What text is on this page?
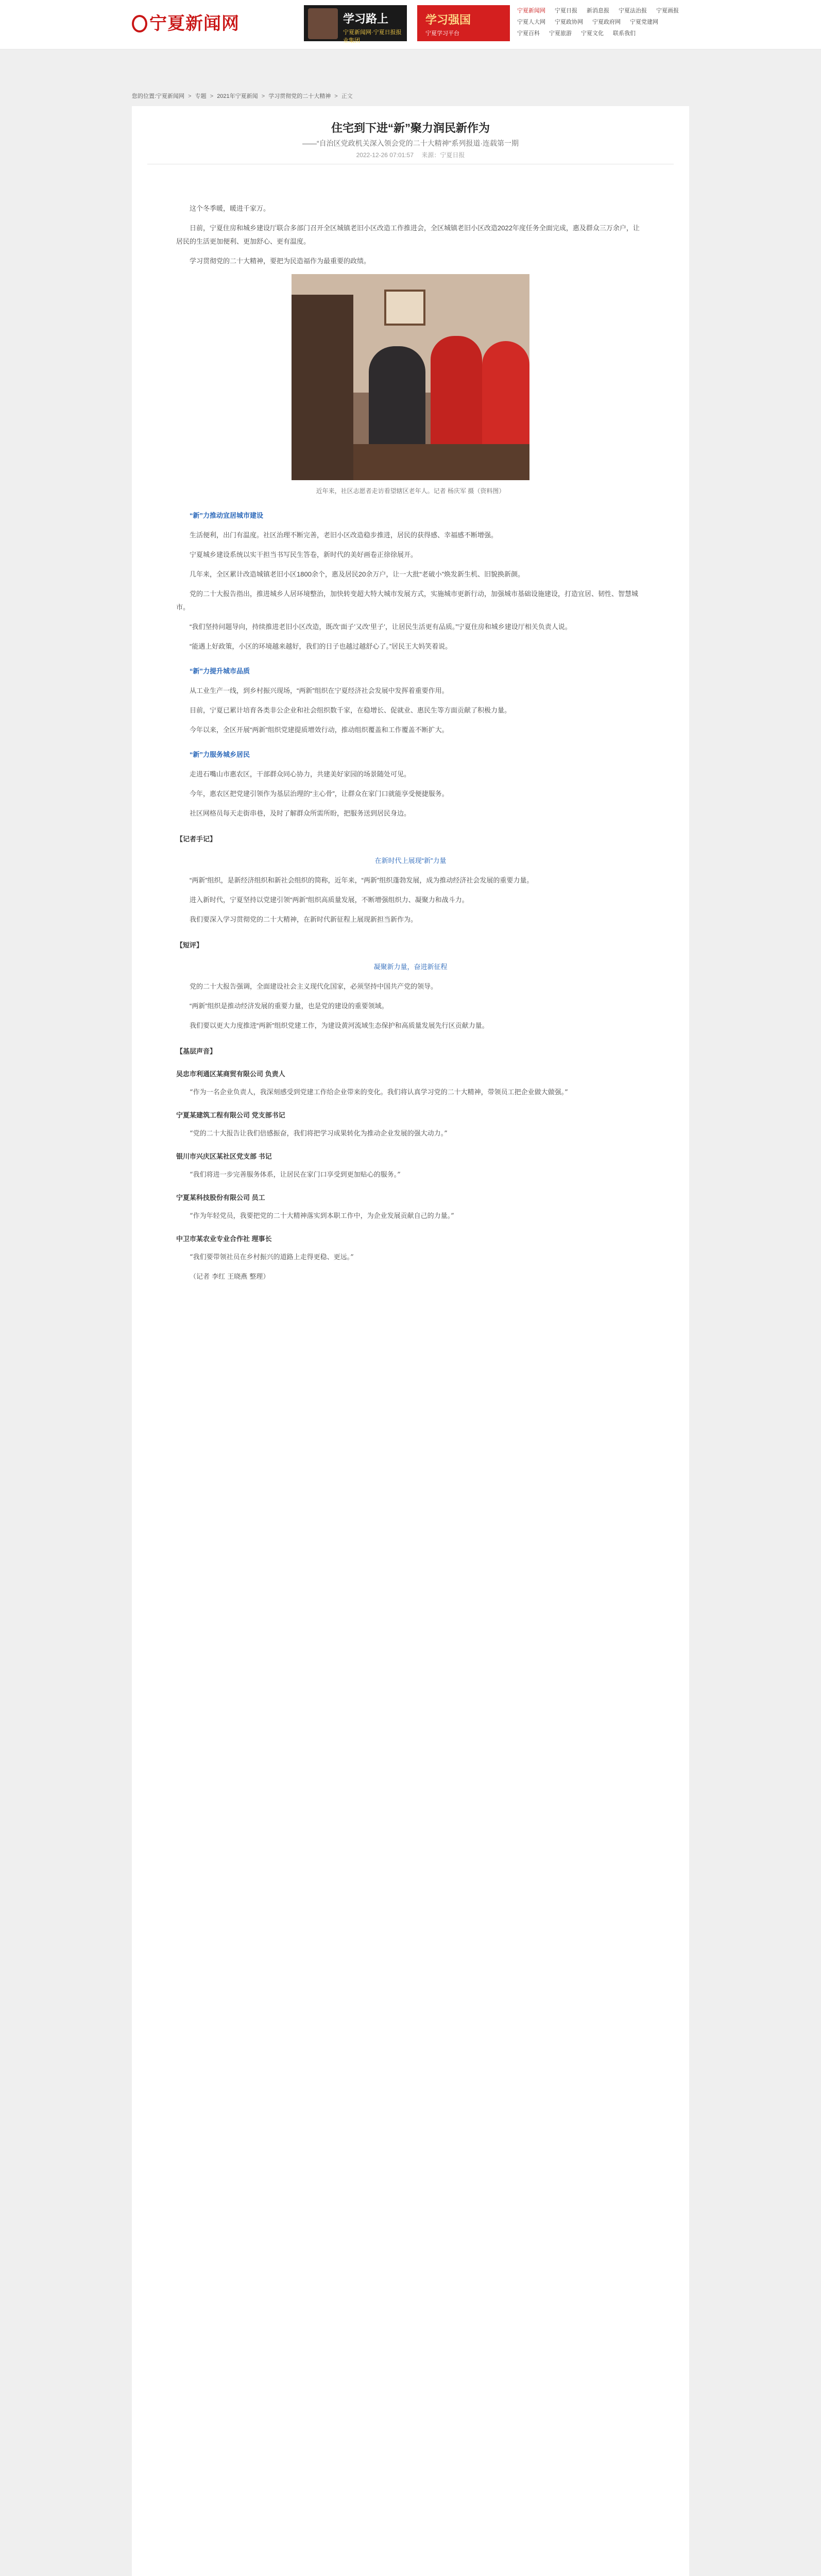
宁夏新闻网	学习路上
宁夏新闻网·宁夏日报报业集团
学习强国
宁夏学习平台
宁夏新闻网 宁夏日报 新消息报 宁夏法治报 宁夏画报
宁夏人大网 宁夏政协网 宁夏政府网 宁夏党建网
宁夏百科 宁夏旅游 宁夏文化 联系我们
您的位置:宁夏新闻网 > 专题 > 2021年宁夏新闻 > 学习贯彻党的二十大精神 > 正文
住宅到下进“新”聚力润民新作为
——“自治区党政机关深入领会党的二十大精神”系列报道·连载第一期
2022-12-26 07:01:57 来源：宁夏日报

这个冬季暖，暖进千家万。

日前，宁夏住房和城乡建设厅联合多部门召开全区城镇老旧小区改造工作推进会，全区城镇老旧小区改造2022年度任务全面完成，惠及群众三万余户，让居民的生活更加便利、更加舒心、更有温度。

学习贯彻党的二十大精神，要把为民造福作为最重要的政绩。

近年来，社区志愿者走访看望辖区老年人。记者 杨庆军 摄（资料图）

“新”力推动宜居城市建设

生活便利，出门有温度。社区治理不断完善，老旧小区改造稳步推进，居民的获得感、幸福感不断增强。

宁夏城乡建设系统以实干担当书写民生答卷，新时代的美好画卷正徐徐展开。

几年来，全区累计改造城镇老旧小区1800余个，惠及居民20余万户，让一大批“老破小”焕发新生机、旧貌换新颜。

党的二十大报告指出，推进城乡人居环境整治，加快转变超大特大城市发展方式，实施城市更新行动，加强城市基础设施建设，打造宜居、韧性、智慧城市。

“我们坚持问题导向，持续推进老旧小区改造，既改‘面子’又改‘里子’，让居民生活更有品质。”宁夏住房和城乡建设厅相关负责人说。

“能遇上好政策，小区的环境越来越好，我们的日子也越过越舒心了。”居民王大妈笑着说。

“新”力提升城市品质

从工业生产一线，到乡村振兴现场，“两新”组织在宁夏经济社会发展中发挥着重要作用。

目前，宁夏已累计培育各类非公企业和社会组织数千家，在稳增长、促就业、惠民生等方面贡献了积极力量。

今年以来，全区开展“两新”组织党建提质增效行动，推动组织覆盖和工作覆盖不断扩大。

“新”力服务城乡居民

走进石嘴山市惠农区，干部群众同心协力，共建美好家园的场景随处可见。

今年，惠农区把党建引领作为基层治理的“主心骨”，让群众在家门口就能享受便捷服务。

社区网格员每天走街串巷，及时了解群众所需所盼，把服务送到居民身边。

【记者手记】

在新时代上展现“新”力量

“两新”组织，是新经济组织和新社会组织的简称，近年来，“两新”组织蓬勃发展，成为推动经济社会发展的重要力量。

进入新时代，宁夏坚持以党建引领“两新”组织高质量发展，不断增强组织力、凝聚力和战斗力。

我们要深入学习贯彻党的二十大精神，在新时代新征程上展现新担当新作为。

【短评】

凝聚新力量，奋进新征程

党的二十大报告强调，全面建设社会主义现代化国家，必须坚持中国共产党的领导。

“两新”组织是推动经济发展的重要力量，也是党的建设的重要领域。

我们要以更大力度推进“两新”组织党建工作，为建设黄河流域生态保护和高质量发展先行区贡献力量。

【基层声音】

吴忠市利通区某商贸有限公司 负责人

“作为一名企业负责人，我深刻感受到党建工作给企业带来的变化。我们将认真学习党的二十大精神，带领员工把企业做大做强。”

宁夏某建筑工程有限公司 党支部书记

“党的二十大报告让我们倍感振奋，我们将把学习成果转化为推动企业发展的强大动力。”

银川市兴庆区某社区党支部 书记

“我们将进一步完善服务体系，让居民在家门口享受到更加贴心的服务。”

宁夏某科技股份有限公司 员工

“作为年轻党员，我要把党的二十大精神落实到本职工作中，为企业发展贡献自己的力量。”

中卫市某农业专业合作社 理事长

“我们要带领社员在乡村振兴的道路上走得更稳、更远。”

（记者 李红 王晓燕 整理）
